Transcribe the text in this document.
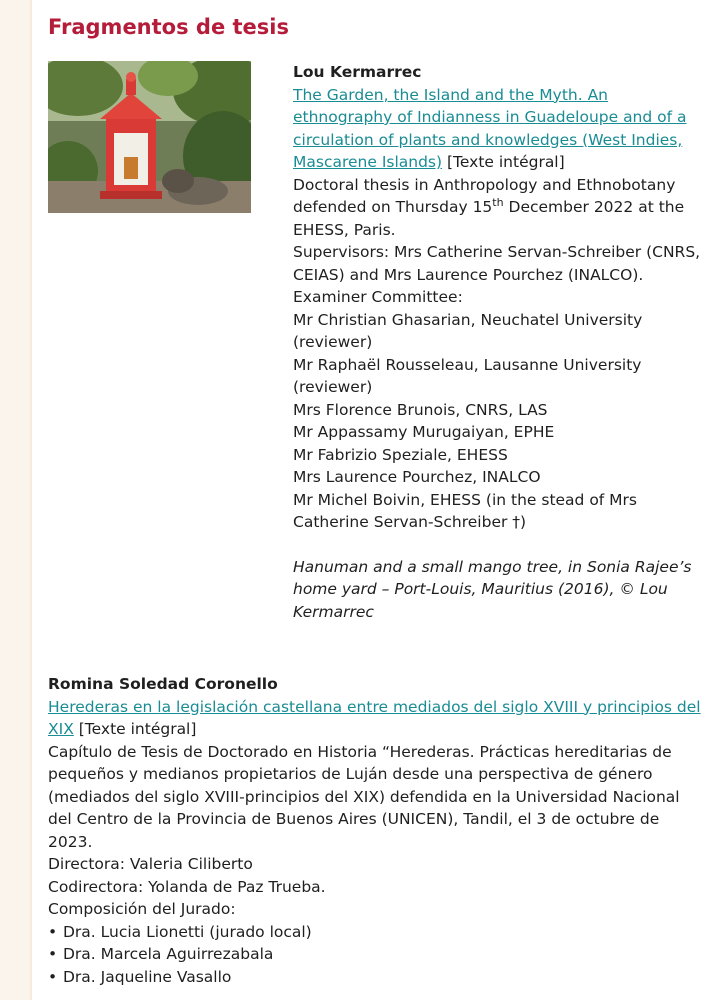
Fragmentos de tesis
Lou Kermarrec
The Garden, the Island and the Myth. An ethnography of Indianness in Guadeloupe and of a circulation of plants and knowledges (West Indies, Mascarene Islands) [Texte intégral]
Doctoral thesis in Anthropology and Ethnobotany defended on Thursday 15th December 2022 at the EHESS, Paris.
Supervisors: Mrs Catherine Servan-Schreiber (CNRS, CEIAS) and Mrs Laurence Pourchez (INALCO).
Examiner Committee:
Mr Christian Ghasarian, Neuchatel University (reviewer)
Mr Raphaël Rousseleau, Lausanne University (reviewer)
Mrs Florence Brunois, CNRS, LAS
Mr Appassamy Murugaiyan, EPHE
Mr Fabrizio Speziale, EHESS
Mrs Laurence Pourchez, INALCO
Mr Michel Boivin, EHESS (in the stead of Mrs Catherine Servan-Schreiber †)
Hanuman and a small mango tree, in Sonia Rajee’s home yard – Port-Louis, Mauritius (2016), © Lou Kermarrec
Romina Soledad Coronello
Herederas en la legislación castellana entre mediados del siglo XVIII y principios del XIX [Texte intégral]
Capítulo de Tesis de Doctorado en Historia “Herederas. Prácticas hereditarias de pequeños y medianos propietarios de Luján desde una perspectiva de género (mediados del siglo XVIII-principios del XIX) defendida en la Universidad Nacional del Centro de la Provincia de Buenos Aires (UNICEN), Tandil, el 3 de octubre de 2023.
Directora: Valeria Ciliberto
Codirectora: Yolanda de Paz Trueba.
Composición del Jurado:
• Dra. Lucia Lionetti (jurado local)
• Dra. Marcela Aguirrezabala
• Dra. Jaqueline Vasallo
